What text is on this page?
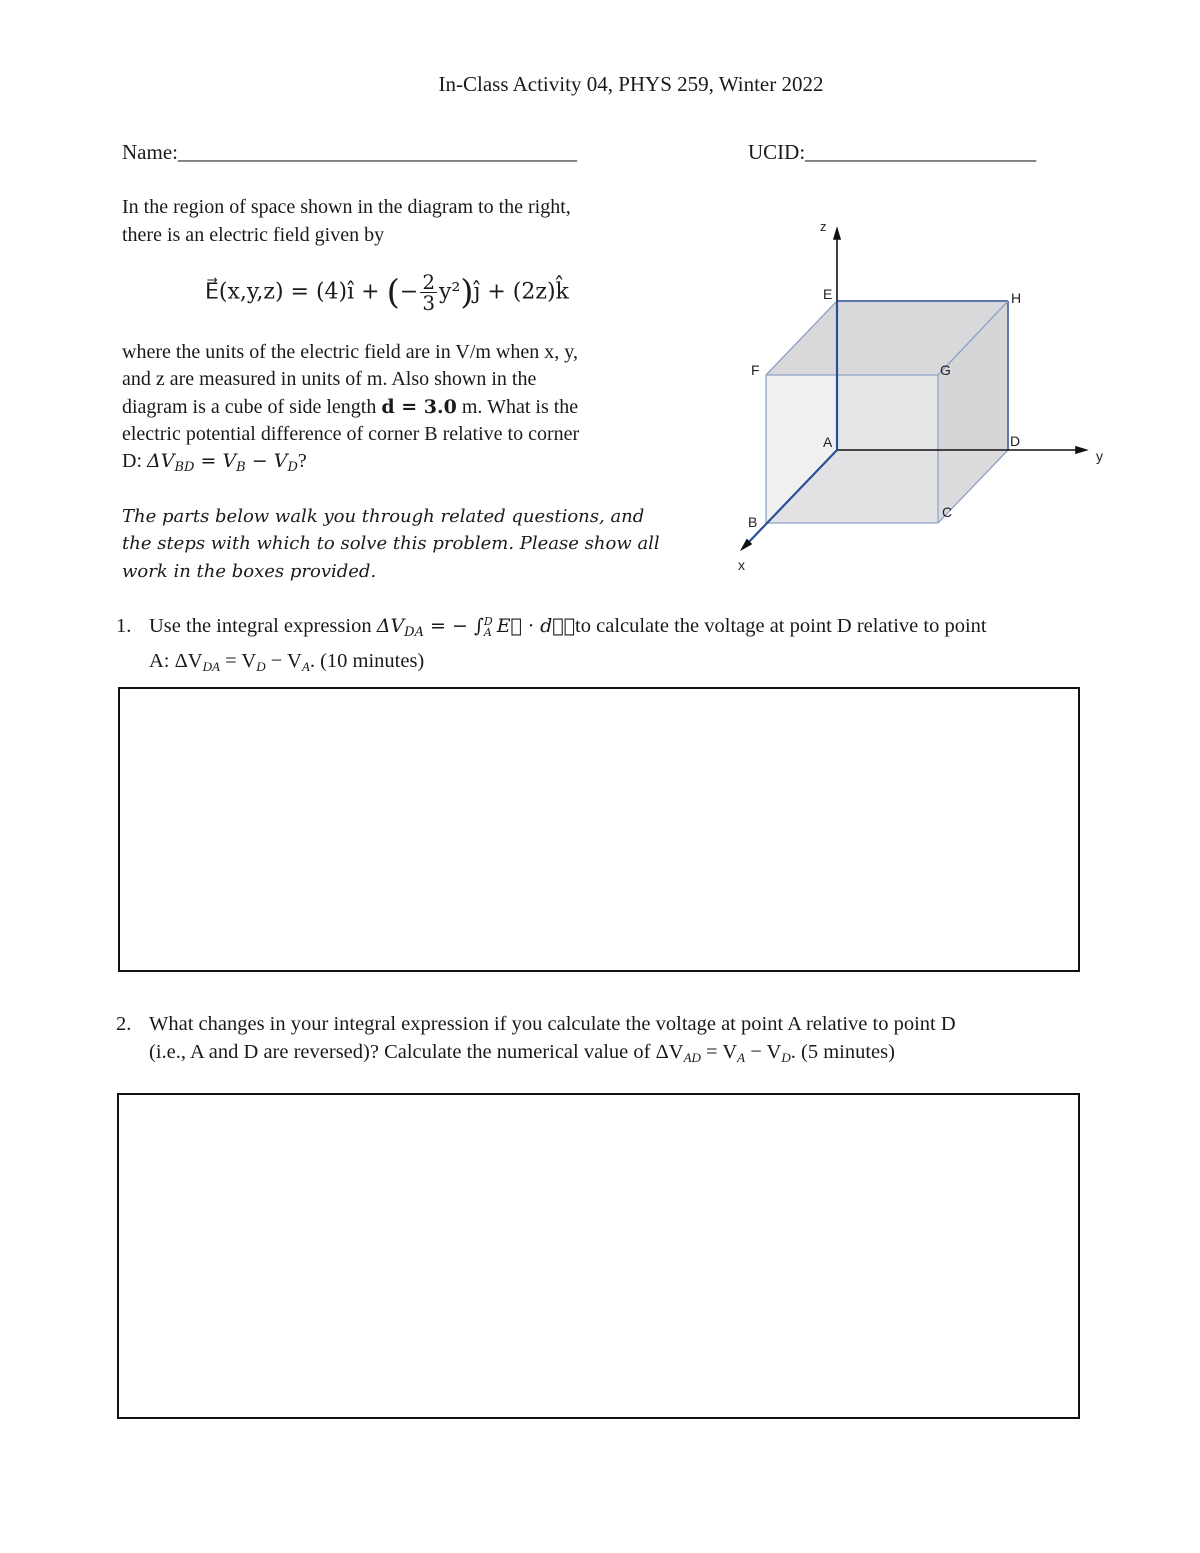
In-Class Activity 04, PHYS 259, Winter 2022
Name:______________________________________	UCID:______________________
In the region of space shown in the diagram to the right,
there is an electric field given by
E⃗(x,y,z) = (4)î + (− $\frac{2}{3}$ y²)ĵ + (2z)k̂
where the units of the electric field are in V/m when x, y,
and z are measured in units of m. Also shown in the
diagram is a cube of side length d = 3.0 m. What is the
electric potential difference of corner B relative to corner
D: $\Delta V_{BD} = V_B - V_D$?
The parts below walk you through related questions, and
the steps with which to solve this problem. Please show all
work in the boxes provided.
z
y
x
A
B
C
D
E
F	G
H
1. Use the integral expression $\Delta V_{DA}$ = − ∫ D
A E⃗ · dℓ⃗to calculate the voltage at point D relative to point
A: $\Delta V_{DA} = V_D - V_A$. (10 minutes)
2. What changes in your integral expression if you calculate the voltage at point A relative to point D
(i.e., A and D are reversed)? Calculate the numerical value of $\Delta V_{AD} = V_A - V_D$. (5 minutes)
